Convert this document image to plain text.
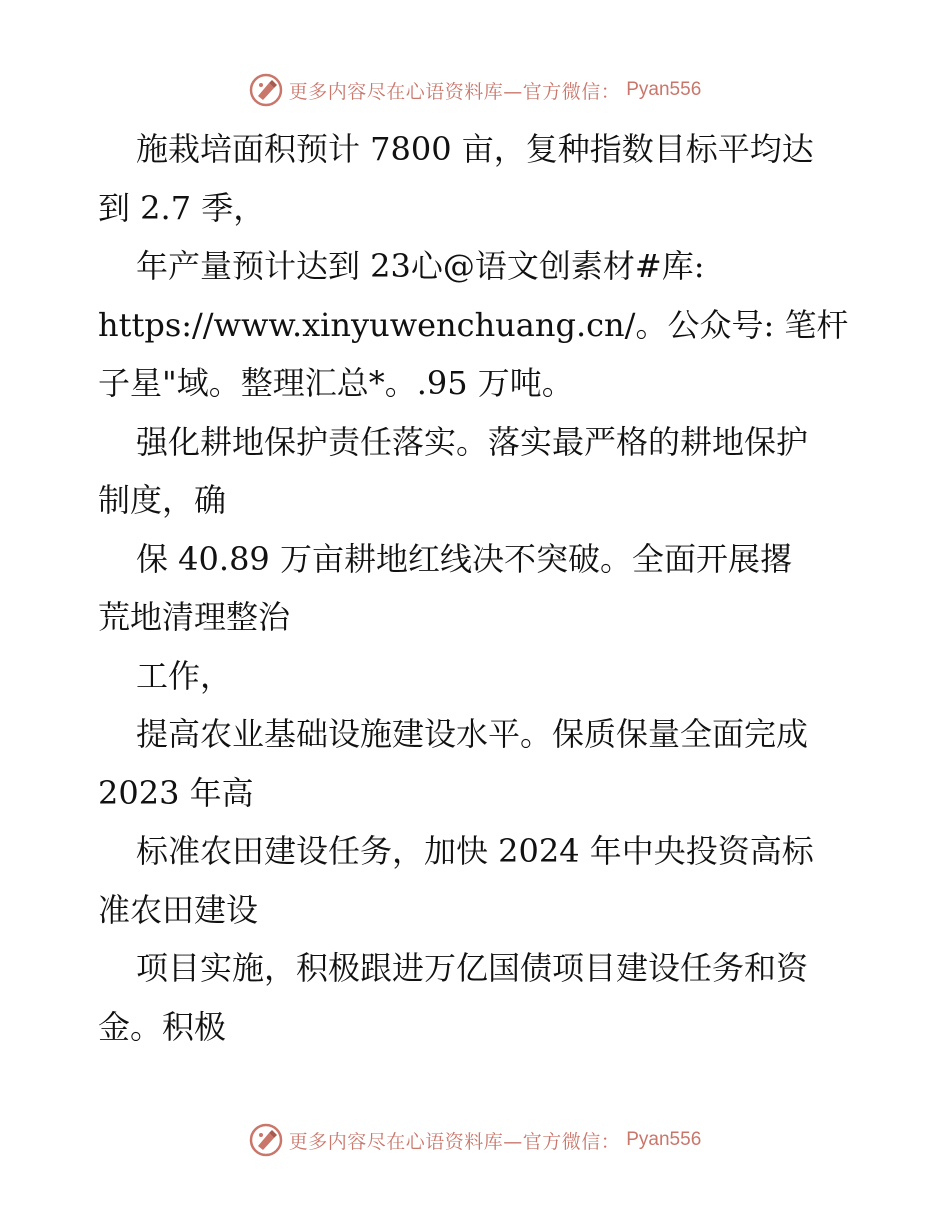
更多内容尽在心语资料库—官方微信： Pyan556
施栽培面积预计 7800 亩，复种指数目标平均达
到 2.7 季，
年产量预计达到 23心@语文创素材#库:
https://www.xinyuwenchuang.cn/。公众号: 笔杆
子星"域。整理汇总*。.95 万吨。
强化耕地保护责任落实。落实最严格的耕地保护
制度，确
保 40.89 万亩耕地红线决不突破。全面开展撂
荒地清理整治
工作，
提高农业基础设施建设水平。保质保量全面完成
2023 年高
标准农田建设任务，加快 2024 年中央投资高标
准农田建设
项目实施，积极跟进万亿国债项目建设任务和资
金。积极
更多内容尽在心语资料库—官方微信： Pyan556
